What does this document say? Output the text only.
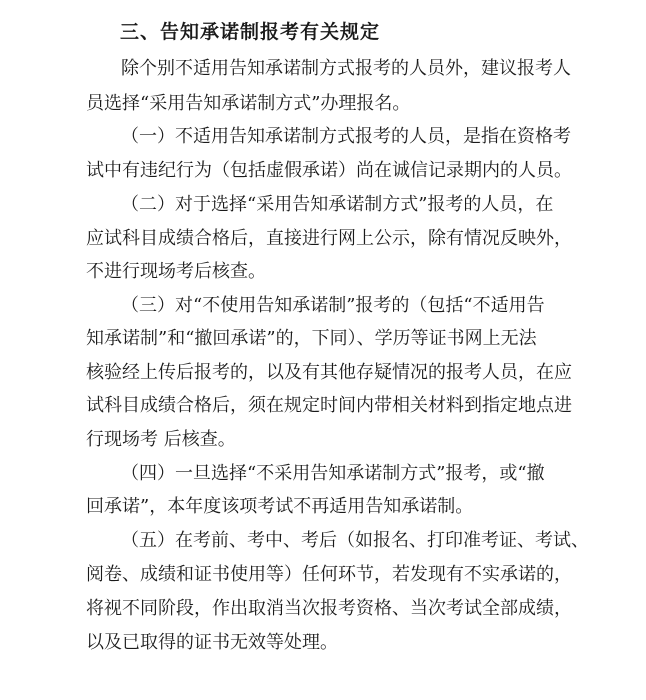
三、告知承诺制报考有关规定
除个别不适用告知承诺制方式报考的人员外，建议报考人
员选择“采用告知承诺制方式”办理报名。
（一）不适用告知承诺制方式报考的人员，是指在资格考
试中有违纪行为（包括虚假承诺）尚在诚信记录期内的人员。
（二）对于选择“采用告知承诺制方式”报考的人员，在
应试科目成绩合格后，直接进行网上公示，除有情况反映外，
不进行现场考后核查。
（三）对“不使用告知承诺制”报考的（包括“不适用告
知承诺制”和“撤回承诺”的，下同）、学历等证书网上无法
核验经上传后报考的，以及有其他存疑情况的报考人员，在应
试科目成绩合格后，须在规定时间内带相关材料到指定地点进
行现场考 后核查。
（四）一旦选择“不采用告知承诺制方式”报考，或“撤
回承诺”，本年度该项考试不再适用告知承诺制。
（五）在考前、考中、考后（如报名、打印准考证、考试、
阅卷、成绩和证书使用等）任何环节，若发现有不实承诺的，
将视不同阶段，作出取消当次报考资格、当次考试全部成绩，
以及已取得的证书无效等处理。
